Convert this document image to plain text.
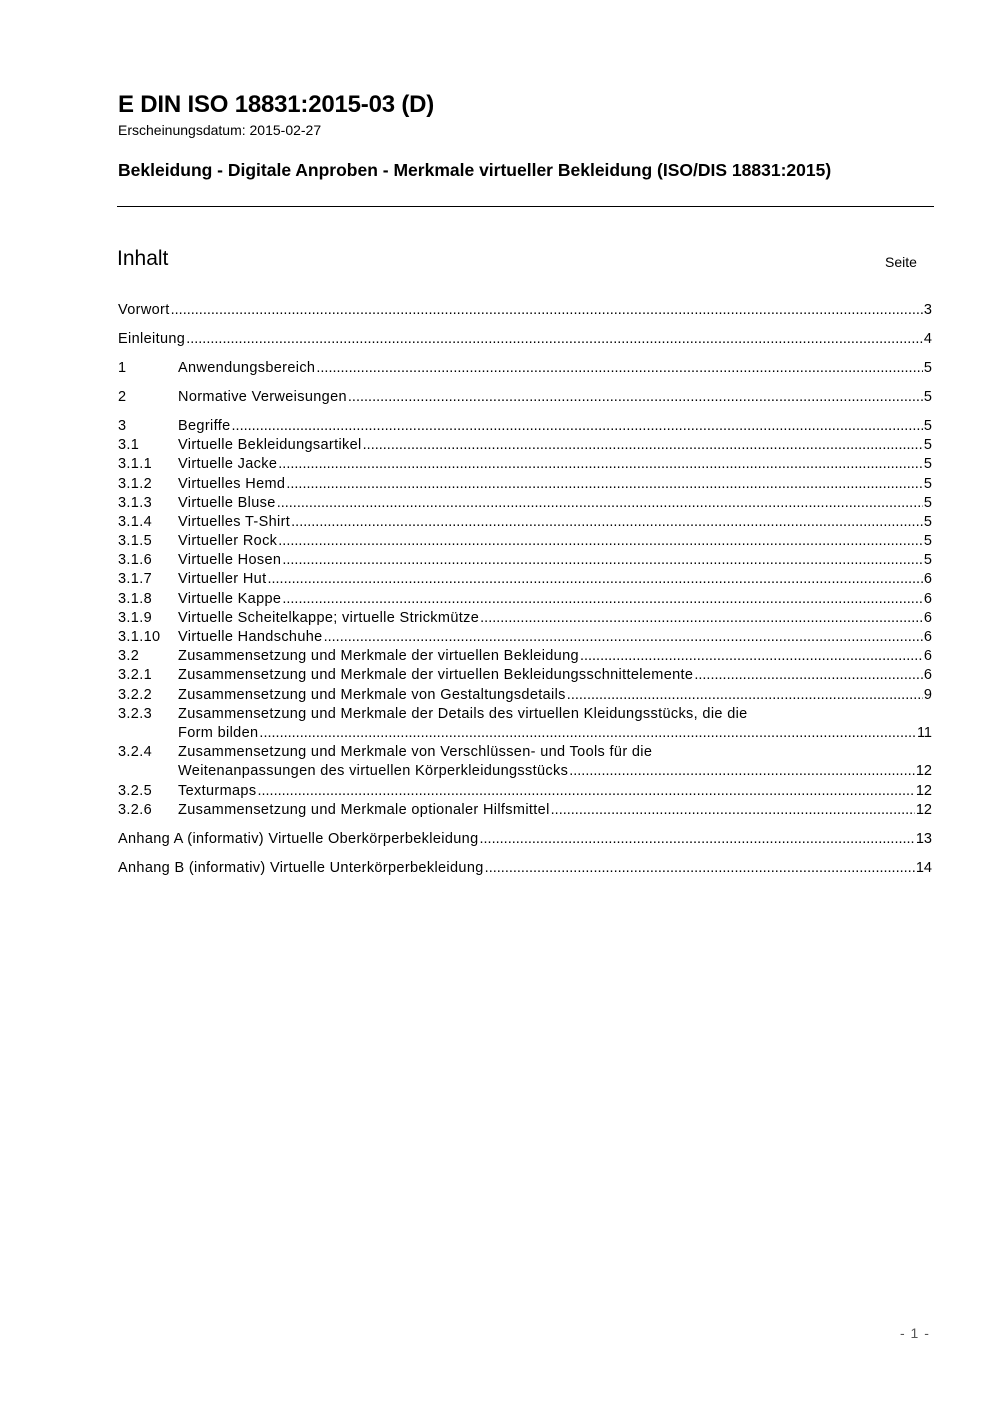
E DIN ISO 18831:2015-03 (D)
Erscheinungsdatum: 2015-02-27
Bekleidung - Digitale Anproben - Merkmale virtueller Bekleidung (ISO/DIS 18831:2015)
Inhalt	Seite
Vorwort .....	3
Einleitung .....	4
1	Anwendungsbereich .....	5
2	Normative Verweisungen .....	5
3	Begriffe .....	5
3.1	Virtuelle Bekleidungsartikel .....	5
3.1.1 Virtuelle Jacke .....	5
3.1.2 Virtuelles Hemd .....	5
3.1.3 Virtuelle Bluse .....	5
3.1.4 Virtuelles T-Shirt .....	5
3.1.5 Virtueller Rock .....	5
3.1.6 Virtuelle Hosen .....	5
3.1.7 Virtueller Hut .....	6
3.1.8 Virtuelle Kappe .....	6
3.1.9 Virtuelle Scheitelkappe; virtuelle Strickmütze .....	6
3.1.10 Virtuelle Handschuhe .....	6
3.2	Zusammensetzung und Merkmale der virtuellen Bekleidung .....	6
3.2.1 Zusammensetzung und Merkmale der virtuellen Bekleidungsschnittelemente .....	6
3.2.2 Zusammensetzung und Merkmale von Gestaltungsdetails .....	9
3.2.3 Zusammensetzung und Merkmale der Details des virtuellen Kleidungsstücks, die die
Form bilden .....	11
3.2.4 Zusammensetzung und Merkmale von Verschlüssen- und Tools für die
Weitenanpassungen des virtuellen Körperkleidungsstücks .....	12
3.2.5 Texturmaps .....	12
3.2.6 Zusammensetzung und Merkmale optionaler Hilfsmittel .....	12
Anhang A (informativ) Virtuelle Oberkörperbekleidung .....	13
Anhang B (informativ) Virtuelle Unterkörperbekleidung .....	14
- 1 -
